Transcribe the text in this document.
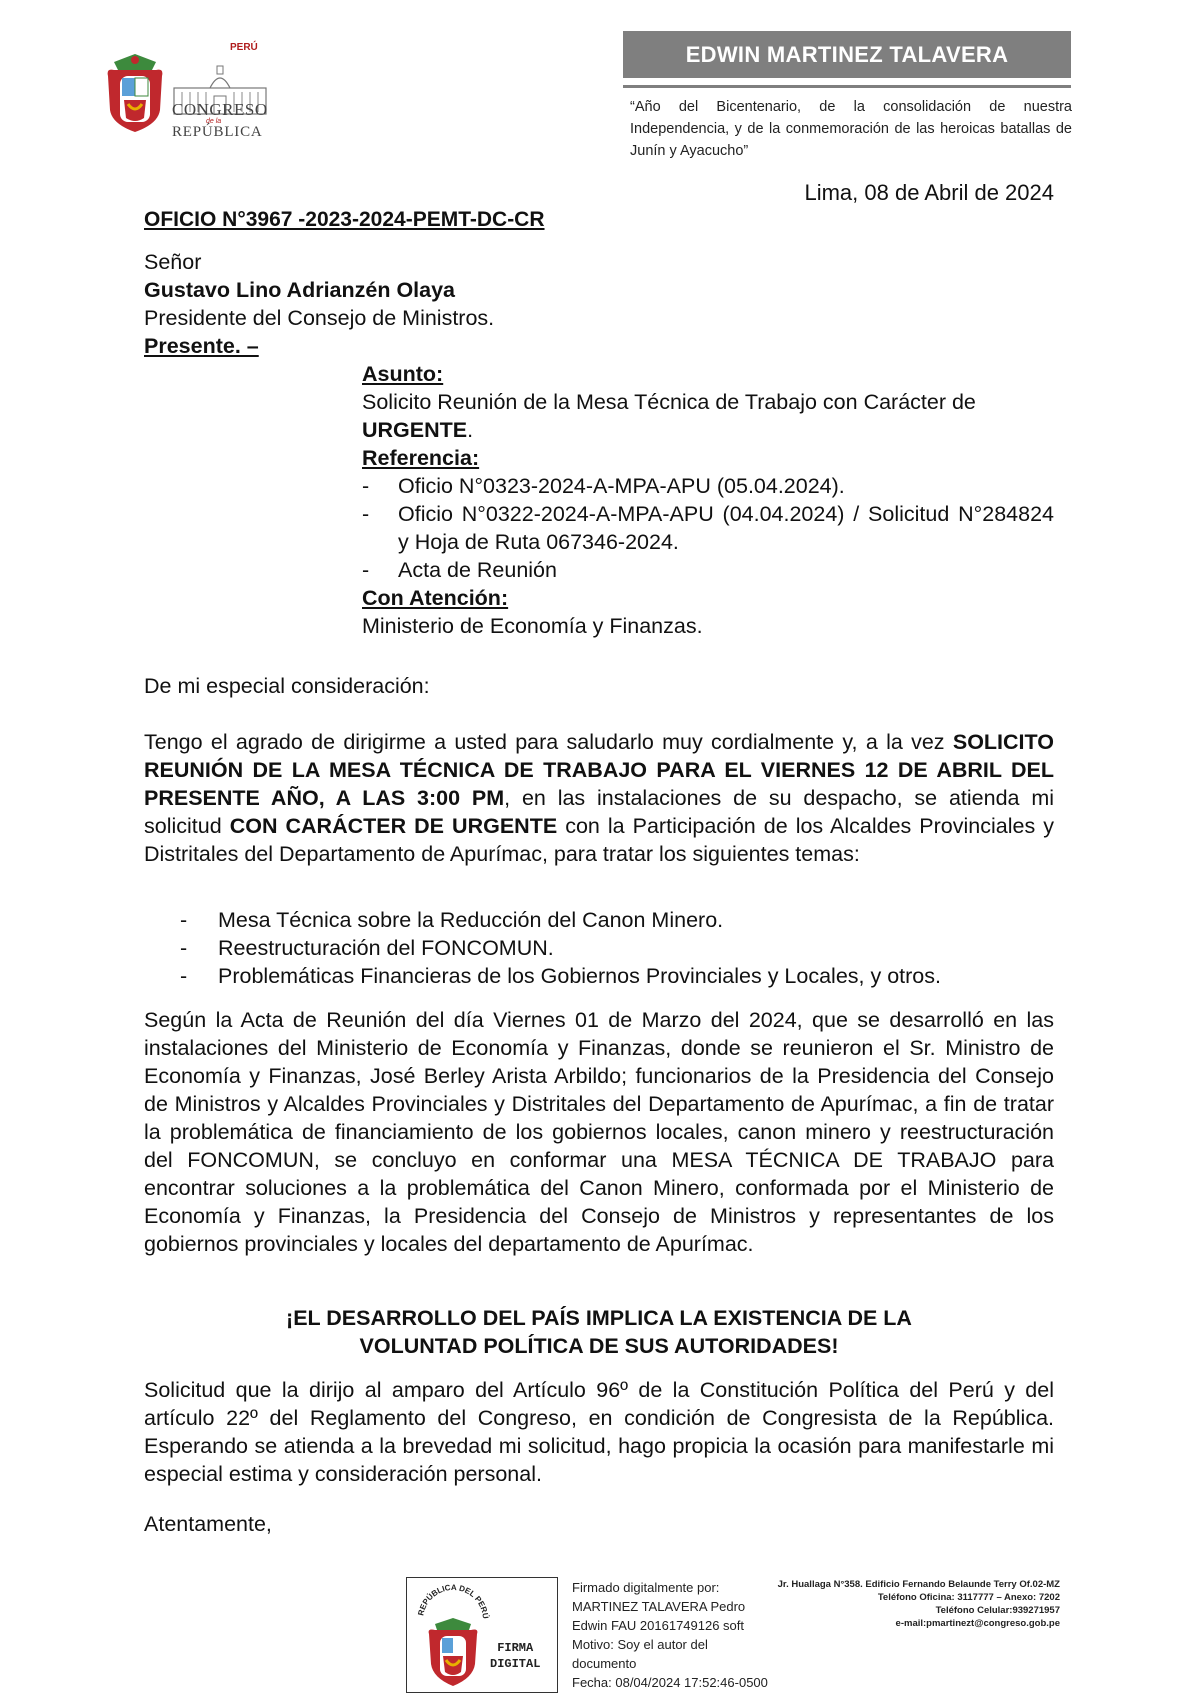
PERÚ
CONGRESO
de la
REPÚBLICA
EDWIN MARTINEZ TALAVERA
“Año del Bicentenario, de la consolidación de nuestra Independencia, y de la conmemoración de las heroicas batallas de Junín y Ayacucho”
Lima, 08 de Abril de 2024
OFICIO N°3967 -2023-2024-PEMT-DC-CR
Señor
Gustavo Lino Adrianzén Olaya
Presidente del Consejo de Ministros.
Presente. –
Asunto:
Solicito Reunión de la Mesa Técnica de Trabajo con Carácter de
URGENTE.
Referencia:
-	Oficio N°0323-2024-A-MPA-APU (05.04.2024).
-	Oficio N°0322-2024-A-MPA-APU (04.04.2024) / Solicitud N°284824 y Hoja de Ruta 067346-2024.
-	Acta de Reunión
Con Atención:
Ministerio de Economía y Finanzas.
De mi especial consideración:
Tengo el agrado de dirigirme a usted para saludarlo muy cordialmente y, a la vez SOLICITO REUNIÓN DE LA MESA TÉCNICA DE TRABAJO PARA EL VIERNES 12 DE ABRIL DEL PRESENTE AÑO, A LAS 3:00 PM, en las instalaciones de su despacho, se atienda mi solicitud CON CARÁCTER DE URGENTE con la Participación de los Alcaldes Provinciales y Distritales del Departamento de Apurímac, para tratar los siguientes temas:
-	Mesa Técnica sobre la Reducción del Canon Minero.
-	Reestructuración del FONCOMUN.
-	Problemáticas Financieras de los Gobiernos Provinciales y Locales, y otros.
Según la Acta de Reunión del día Viernes 01 de Marzo del 2024, que se desarrolló en las instalaciones del Ministerio de Economía y Finanzas, donde se reunieron el Sr. Ministro de Economía y Finanzas, José Berley Arista Arbildo; funcionarios de la Presidencia del Consejo de Ministros y Alcaldes Provinciales y Distritales del Departamento de Apurímac, a fin de tratar la problemática de financiamiento de los gobiernos locales, canon minero y reestructuración del FONCOMUN, se concluyo en conformar una MESA TÉCNICA DE TRABAJO para encontrar soluciones a la problemática del Canon Minero, conformada por el Ministerio de Economía y Finanzas, la Presidencia del Consejo de Ministros y representantes de los gobiernos provinciales y locales del departamento de Apurímac.
¡EL DESARROLLO DEL PAÍS IMPLICA LA EXISTENCIA DE LA
VOLUNTAD POLÍTICA DE SUS AUTORIDADES!
Solicitud que la dirijo al amparo del Artículo 96º de la Constitución Política del Perú y del artículo 22º del Reglamento del Congreso, en condición de Congresista de la República. Esperando se atienda a la brevedad mi solicitud, hago propicia la ocasión para manifestarle mi especial estima y consideración personal.
Atentamente,
REPÚBLICA DEL PERÚ
FIRMA
DIGITAL
Firmado digitalmente por:
MARTINEZ TALAVERA Pedro
Edwin FAU 20161749126 soft
Motivo: Soy el autor del
documento
Fecha: 08/04/2024 17:52:46-0500
Jr. Huallaga N°358. Edificio Fernando Belaunde Terry Of.02-MZ
Teléfono Oficina: 3117777 – Anexo: 7202
Teléfono Celular:939271957
e-mail:pmartinezt@congreso.gob.pe
